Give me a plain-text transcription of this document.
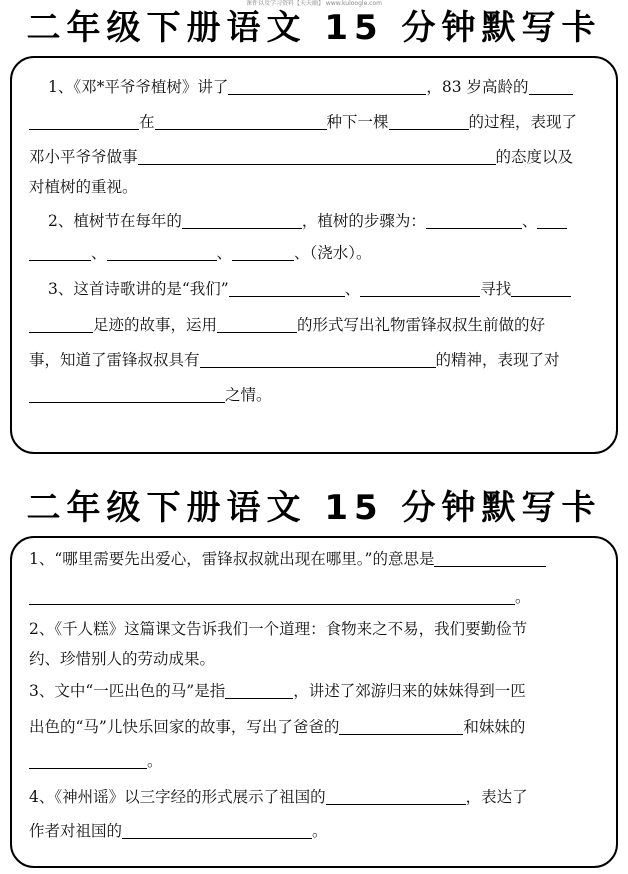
课件以及学习资料【天天幽】 www.kuloogle.com
二年级下册语文 15 分钟默写卡

1、《邓*平爷爷植树》讲了	，83 岁高龄的

在	种下一棵	的过程，表现了

邓小平爷爷做事	的态度以及

对植树的重视。

2、植树节在每年的	，植树的步骤为：	、

、	、	、（浇水）。

3、这首诗歌讲的是“我们”	、	寻找

足迹的故事，运用	的形式写出礼物雷锋叔叔生前做的好

事，知道了雷锋叔叔具有	的精神，表现了对

之情。

二年级下册语文 15 分钟默写卡

1、“哪里需要先出爱心，雷锋叔叔就出现在哪里。”的意思是

。

2、《千人糕》这篇课文告诉我们一个道理：食物来之不易，我们要勤俭节

约、珍惜别人的劳动成果。

3、文中“一匹出色的马”是指	，讲述了郊游归来的妹妹得到一匹

出色的“马”儿快乐回家的故事，写出了爸爸的	和妹妹的

。

4、《神州谣》以三字经的形式展示了祖国的	，表达了

作者对祖国的	。
